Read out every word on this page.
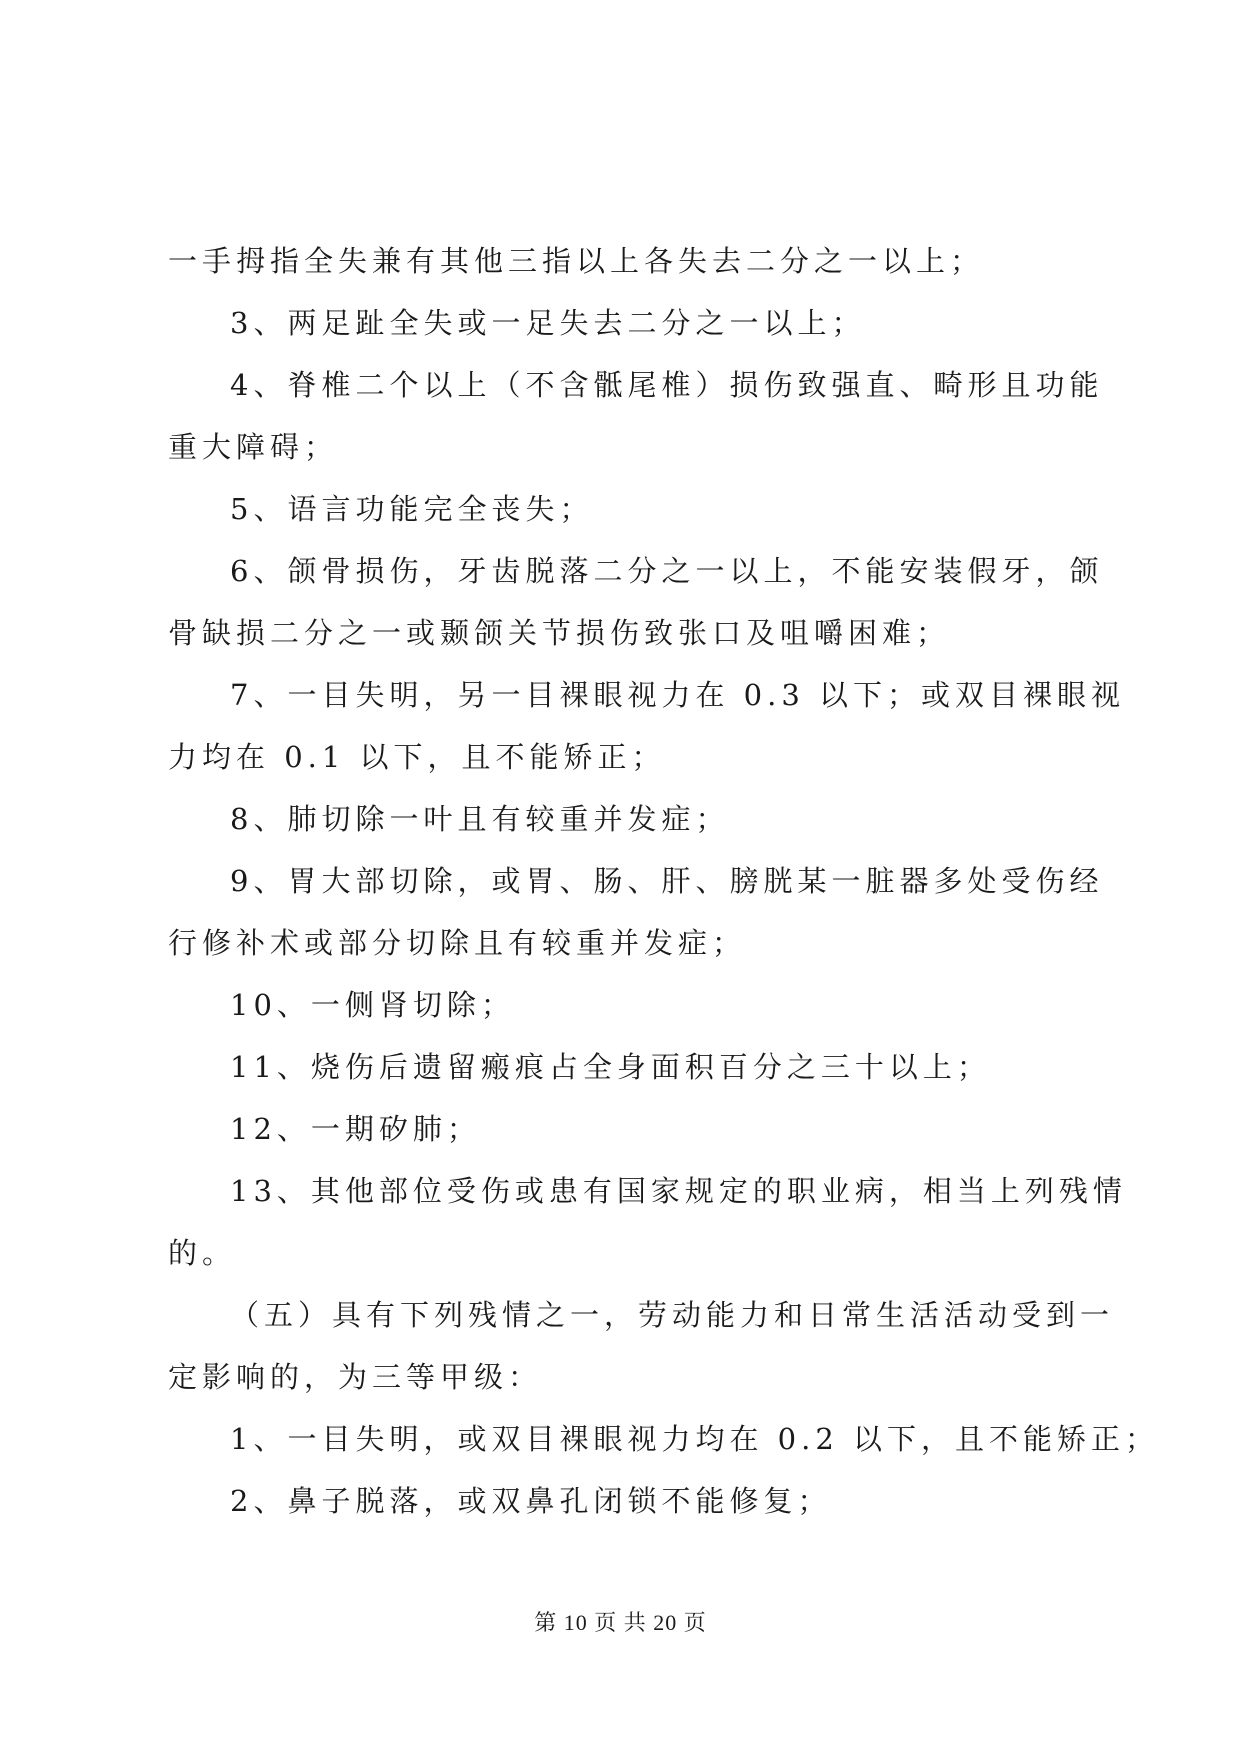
一手拇指全失兼有其他三指以上各失去二分之一以上；
3、两足趾全失或一足失去二分之一以上；
4、脊椎二个以上（不含骶尾椎）损伤致强直、畸形且功能
重大障碍；
5、语言功能完全丧失；
6、颌骨损伤，牙齿脱落二分之一以上，不能安装假牙，颌
骨缺损二分之一或颞颌关节损伤致张口及咀嚼困难；
7、一目失明，另一目裸眼视力在 0.3 以下；或双目裸眼视
力均在 0.1 以下，且不能矫正；
8、肺切除一叶且有较重并发症；
9、胃大部切除，或胃、肠、肝、膀胱某一脏器多处受伤经
行修补术或部分切除且有较重并发症；
10、一侧肾切除；
11、烧伤后遗留瘢痕占全身面积百分之三十以上；
12、一期矽肺；
13、其他部位受伤或患有国家规定的职业病，相当上列残情
的。
（五）具有下列残情之一，劳动能力和日常生活活动受到一
定影响的，为三等甲级：
1、一目失明，或双目裸眼视力均在 0.2 以下，且不能矫正；
2、鼻子脱落，或双鼻孔闭锁不能修复；
第 10 页 共 20 页
